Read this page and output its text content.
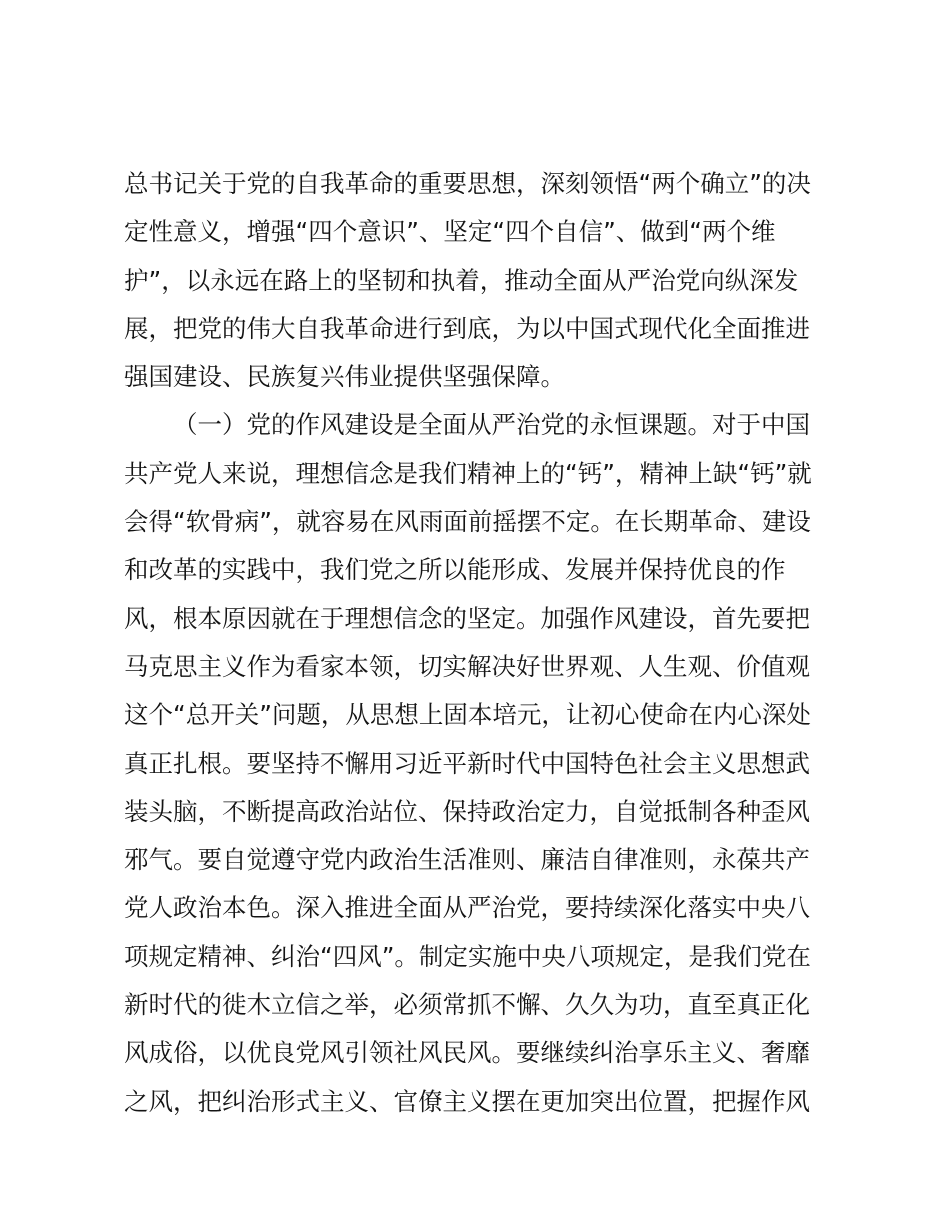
总书记关于党的自我革命的重要思想，深刻领悟“两个确立”的决
定性意义，增强“四个意识”、坚定“四个自信”、做到“两个维
护”，以永远在路上的坚韧和执着，推动全面从严治党向纵深发
展，把党的伟大自我革命进行到底，为以中国式现代化全面推进
强国建设、民族复兴伟业提供坚强保障。
（一）党的作风建设是全面从严治党的永恒课题。对于中国
共产党人来说，理想信念是我们精神上的“钙”，精神上缺“钙”就
会得“软骨病”，就容易在风雨面前摇摆不定。在长期革命、建设
和改革的实践中，我们党之所以能形成、发展并保持优良的作
风，根本原因就在于理想信念的坚定。加强作风建设，首先要把
马克思主义作为看家本领，切实解决好世界观、人生观、价值观
这个“总开关”问题，从思想上固本培元，让初心使命在内心深处
真正扎根。要坚持不懈用习近平新时代中国特色社会主义思想武
装头脑，不断提高政治站位、保持政治定力，自觉抵制各种歪风
邪气。要自觉遵守党内政治生活准则、廉洁自律准则，永葆共产
党人政治本色。深入推进全面从严治党，要持续深化落实中央八
项规定精神、纠治“四风”。制定实施中央八项规定，是我们党在
新时代的徙木立信之举，必须常抓不懈、久久为功，直至真正化
风成俗，以优良党风引领社风民风。要继续纠治享乐主义、奢靡
之风，把纠治形式主义、官僚主义摆在更加突出位置，把握作风
